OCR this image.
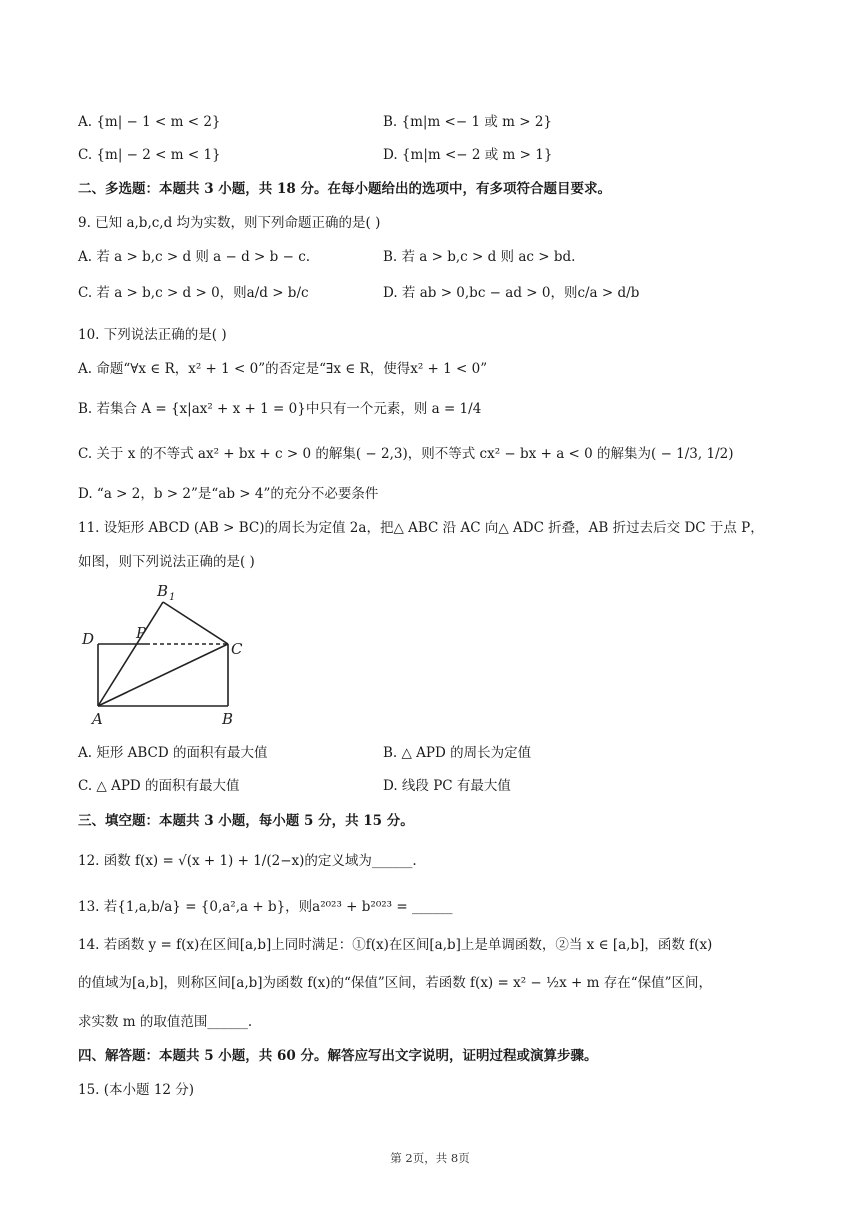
A. {m| − 1 < m < 2}	B. {m|m <− 1 或 m > 2}
C. {m| − 2 < m < 1}	D. {m|m <− 2 或 m > 1}
二、多选题：本题共 3 小题，共 18 分。在每小题给出的选项中，有多项符合题目要求。
9. 已知 a,b,c,d 均为实数，则下列命题正确的是( )
A. 若 a > b,c > d 则 a − d > b − c.	B. 若 a > b,c > d 则 ac > bd.
C. 若 a > b,c > d > 0，则a/d > b/c	D. 若 ab > 0,bc − ad > 0，则c/a > d/b
10. 下列说法正确的是( )
A. 命题“∀x ∈ R，x² + 1 < 0”的否定是“∃x ∈ R，使得x² + 1 < 0”
B. 若集合 A = {x|ax² + x + 1 = 0}中只有一个元素，则 a = 1/4
C. 关于 x 的不等式 ax² + bx + c > 0 的解集( − 2,3)，则不等式 cx² − bx + a < 0 的解集为( − 1/3, 1/2)
D. “a > 2，b > 2”是“ab > 4”的充分不必要条件
11. 设矩形 ABCD (AB > BC)的周长为定值 2a，把△ ABC 沿 AC 向△ ADC 折叠，AB 折过去后交 DC 于点 P，
如图，则下列说法正确的是( )
B 1
D	P
C
A	B
A. 矩形 ABCD 的面积有最大值	B. △ APD 的周长为定值
C. △ APD 的面积有最大值	D. 线段 PC 有最大值
三、填空题：本题共 3 小题，每小题 5 分，共 15 分。
12. 函数 f(x) = √(x + 1) + 1/(2−x)的定义域为______.
13. 若{1,a,b/a} = {0,a²,a + b}，则a²⁰²³ + b²⁰²³ = ______
14. 若函数 y = f(x)在区间[a,b]上同时满足：①f(x)在区间[a,b]上是单调函数，②当 x ∈ [a,b]，函数 f(x)
的值域为[a,b]，则称区间[a,b]为函数 f(x)的“保值”区间，若函数 f(x) = x² − ½x + m 存在“保值”区间，
求实数 m 的取值范围______.
四、解答题：本题共 5 小题，共 60 分。解答应写出文字说明，证明过程或演算步骤。
15. (本小题 12 分)
第 2页，共 8页
